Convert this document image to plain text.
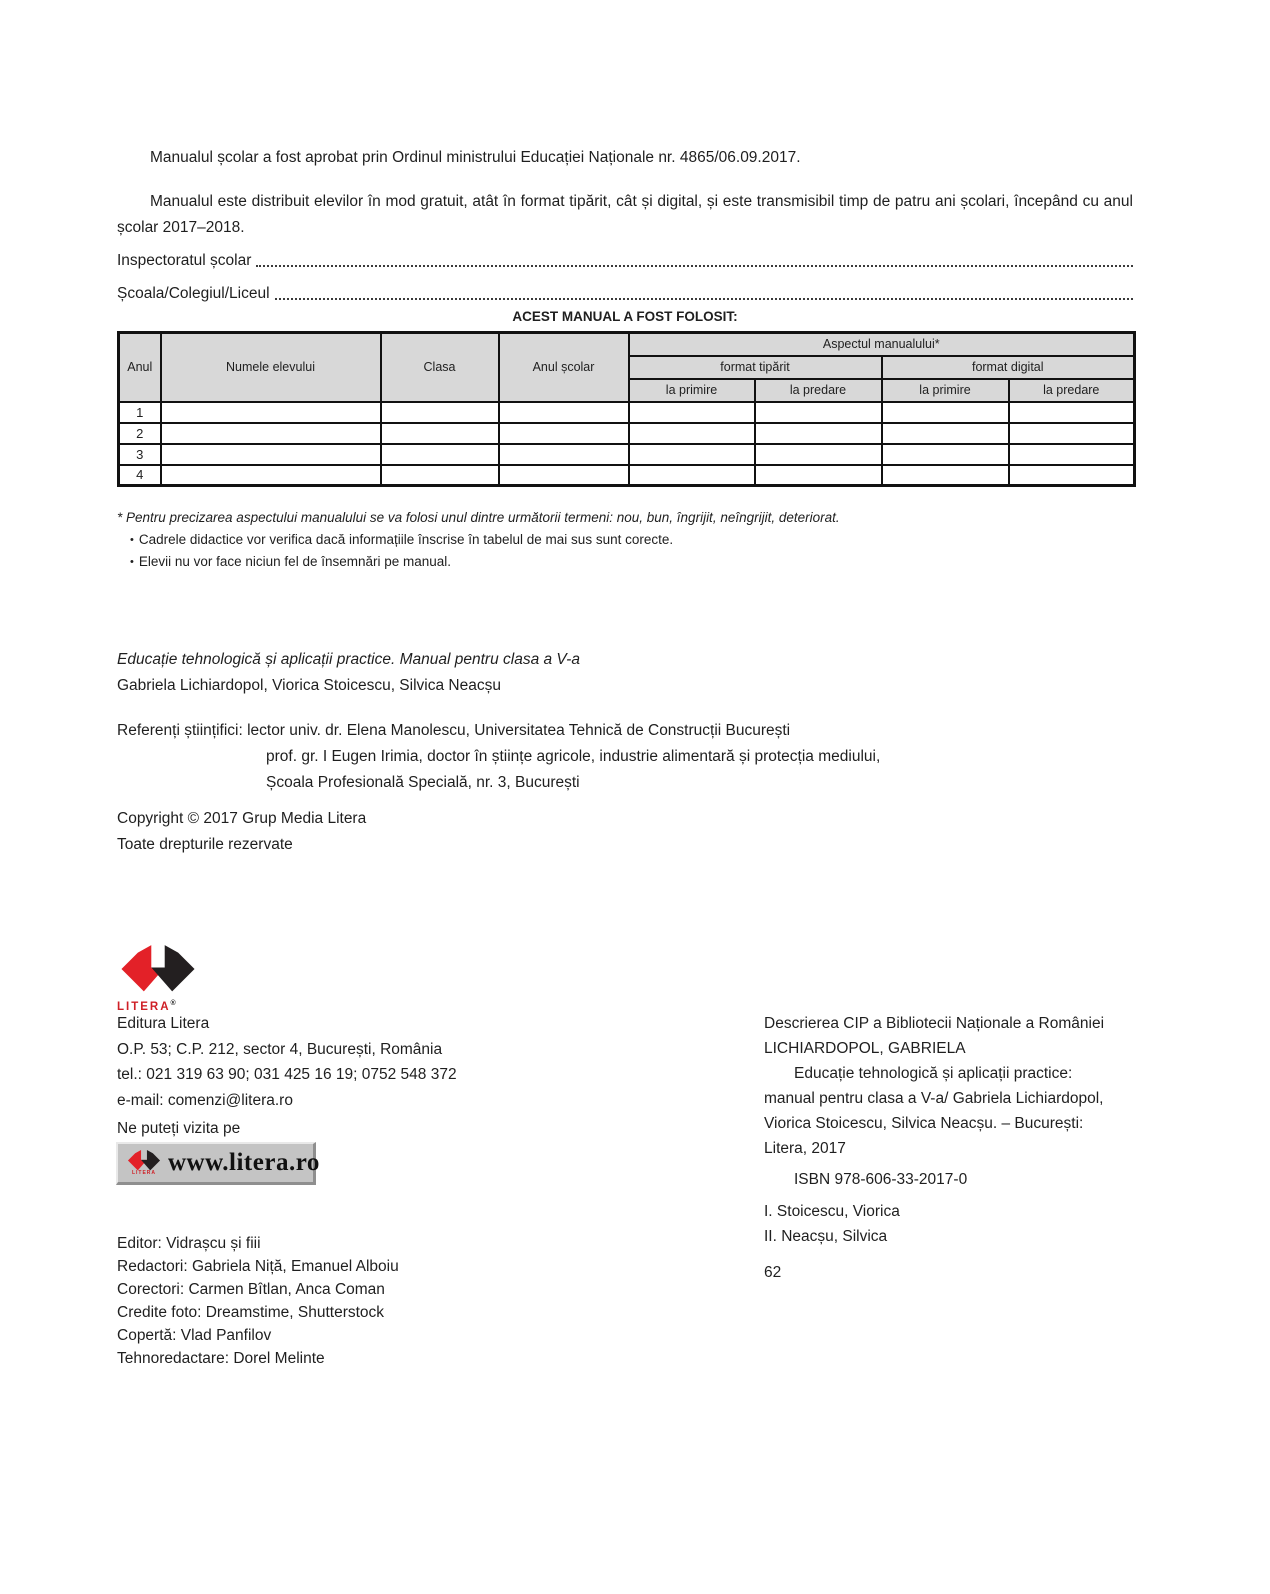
Manualul școlar a fost aprobat prin Ordinul ministrului Educației Naționale nr. 4865/06.09.2017.
Manualul este distribuit elevilor în mod gratuit, atât în format tipărit, cât și digital, și este transmisibil timp de patru ani școlari, începând cu anul școlar 2017–2018.
Inspectoratul școlar
Școala/Colegiul/Liceul
ACEST MANUAL A FOST FOLOSIT:
Anul	Numele elevului	Clasa	Anul școlar	Aspectul manualului*			
				format tipărit		format digital	
				la primire	la predare	la primire	la predare
1							
2							
3							
4							
* Pentru precizarea aspectului manualului se va folosi unul dintre următorii termeni: nou, bun, îngrijit, neîngrijit, deteriorat.
• Cadrele didactice vor verifica dacă informațiile înscrise în tabelul de mai sus sunt corecte.
• Elevii nu vor face niciun fel de însemnări pe manual.
Educație tehnologică și aplicații practice. Manual pentru clasa a V-a
Gabriela Lichiardopol, Viorica Stoicescu, Silvica Neacșu
Referenți științifici: lector univ. dr. Elena Manolescu, Universitatea Tehnică de Construcții București
prof. gr. I Eugen Irimia, doctor în științe agricole, industrie alimentară și protecția mediului,
Școala Profesională Specială, nr. 3, București
Copyright © 2017 Grup Media Litera
Toate drepturile rezervate
LITERA®
Editura Litera
O.P. 53; C.P. 212, sector 4, București, România
tel.: 021 319 63 90; 031 425 16 19; 0752 548 372
e-mail: comenzi@litera.ro
Ne puteți vizita pe
LITERA www.litera.ro
Editor: Vidrașcu și fiii
Redactori: Gabriela Niță, Emanuel Alboiu
Corectori: Carmen Bîtlan, Anca Coman
Credite foto: Dreamstime, Shutterstock
Copertă: Vlad Panfilov
Tehnoredactare: Dorel Melinte
Descrierea CIP a Bibliotecii Naționale a României
LICHIARDOPOL, GABRIELA
Educație tehnologică și aplicații practice:
manual pentru clasa a V-a/ Gabriela Lichiardopol,
Viorica Stoicescu, Silvica Neacșu. – București:
Litera, 2017
ISBN 978-606-33-2017-0
I. Stoicescu, Viorica
II. Neacșu, Silvica
62
